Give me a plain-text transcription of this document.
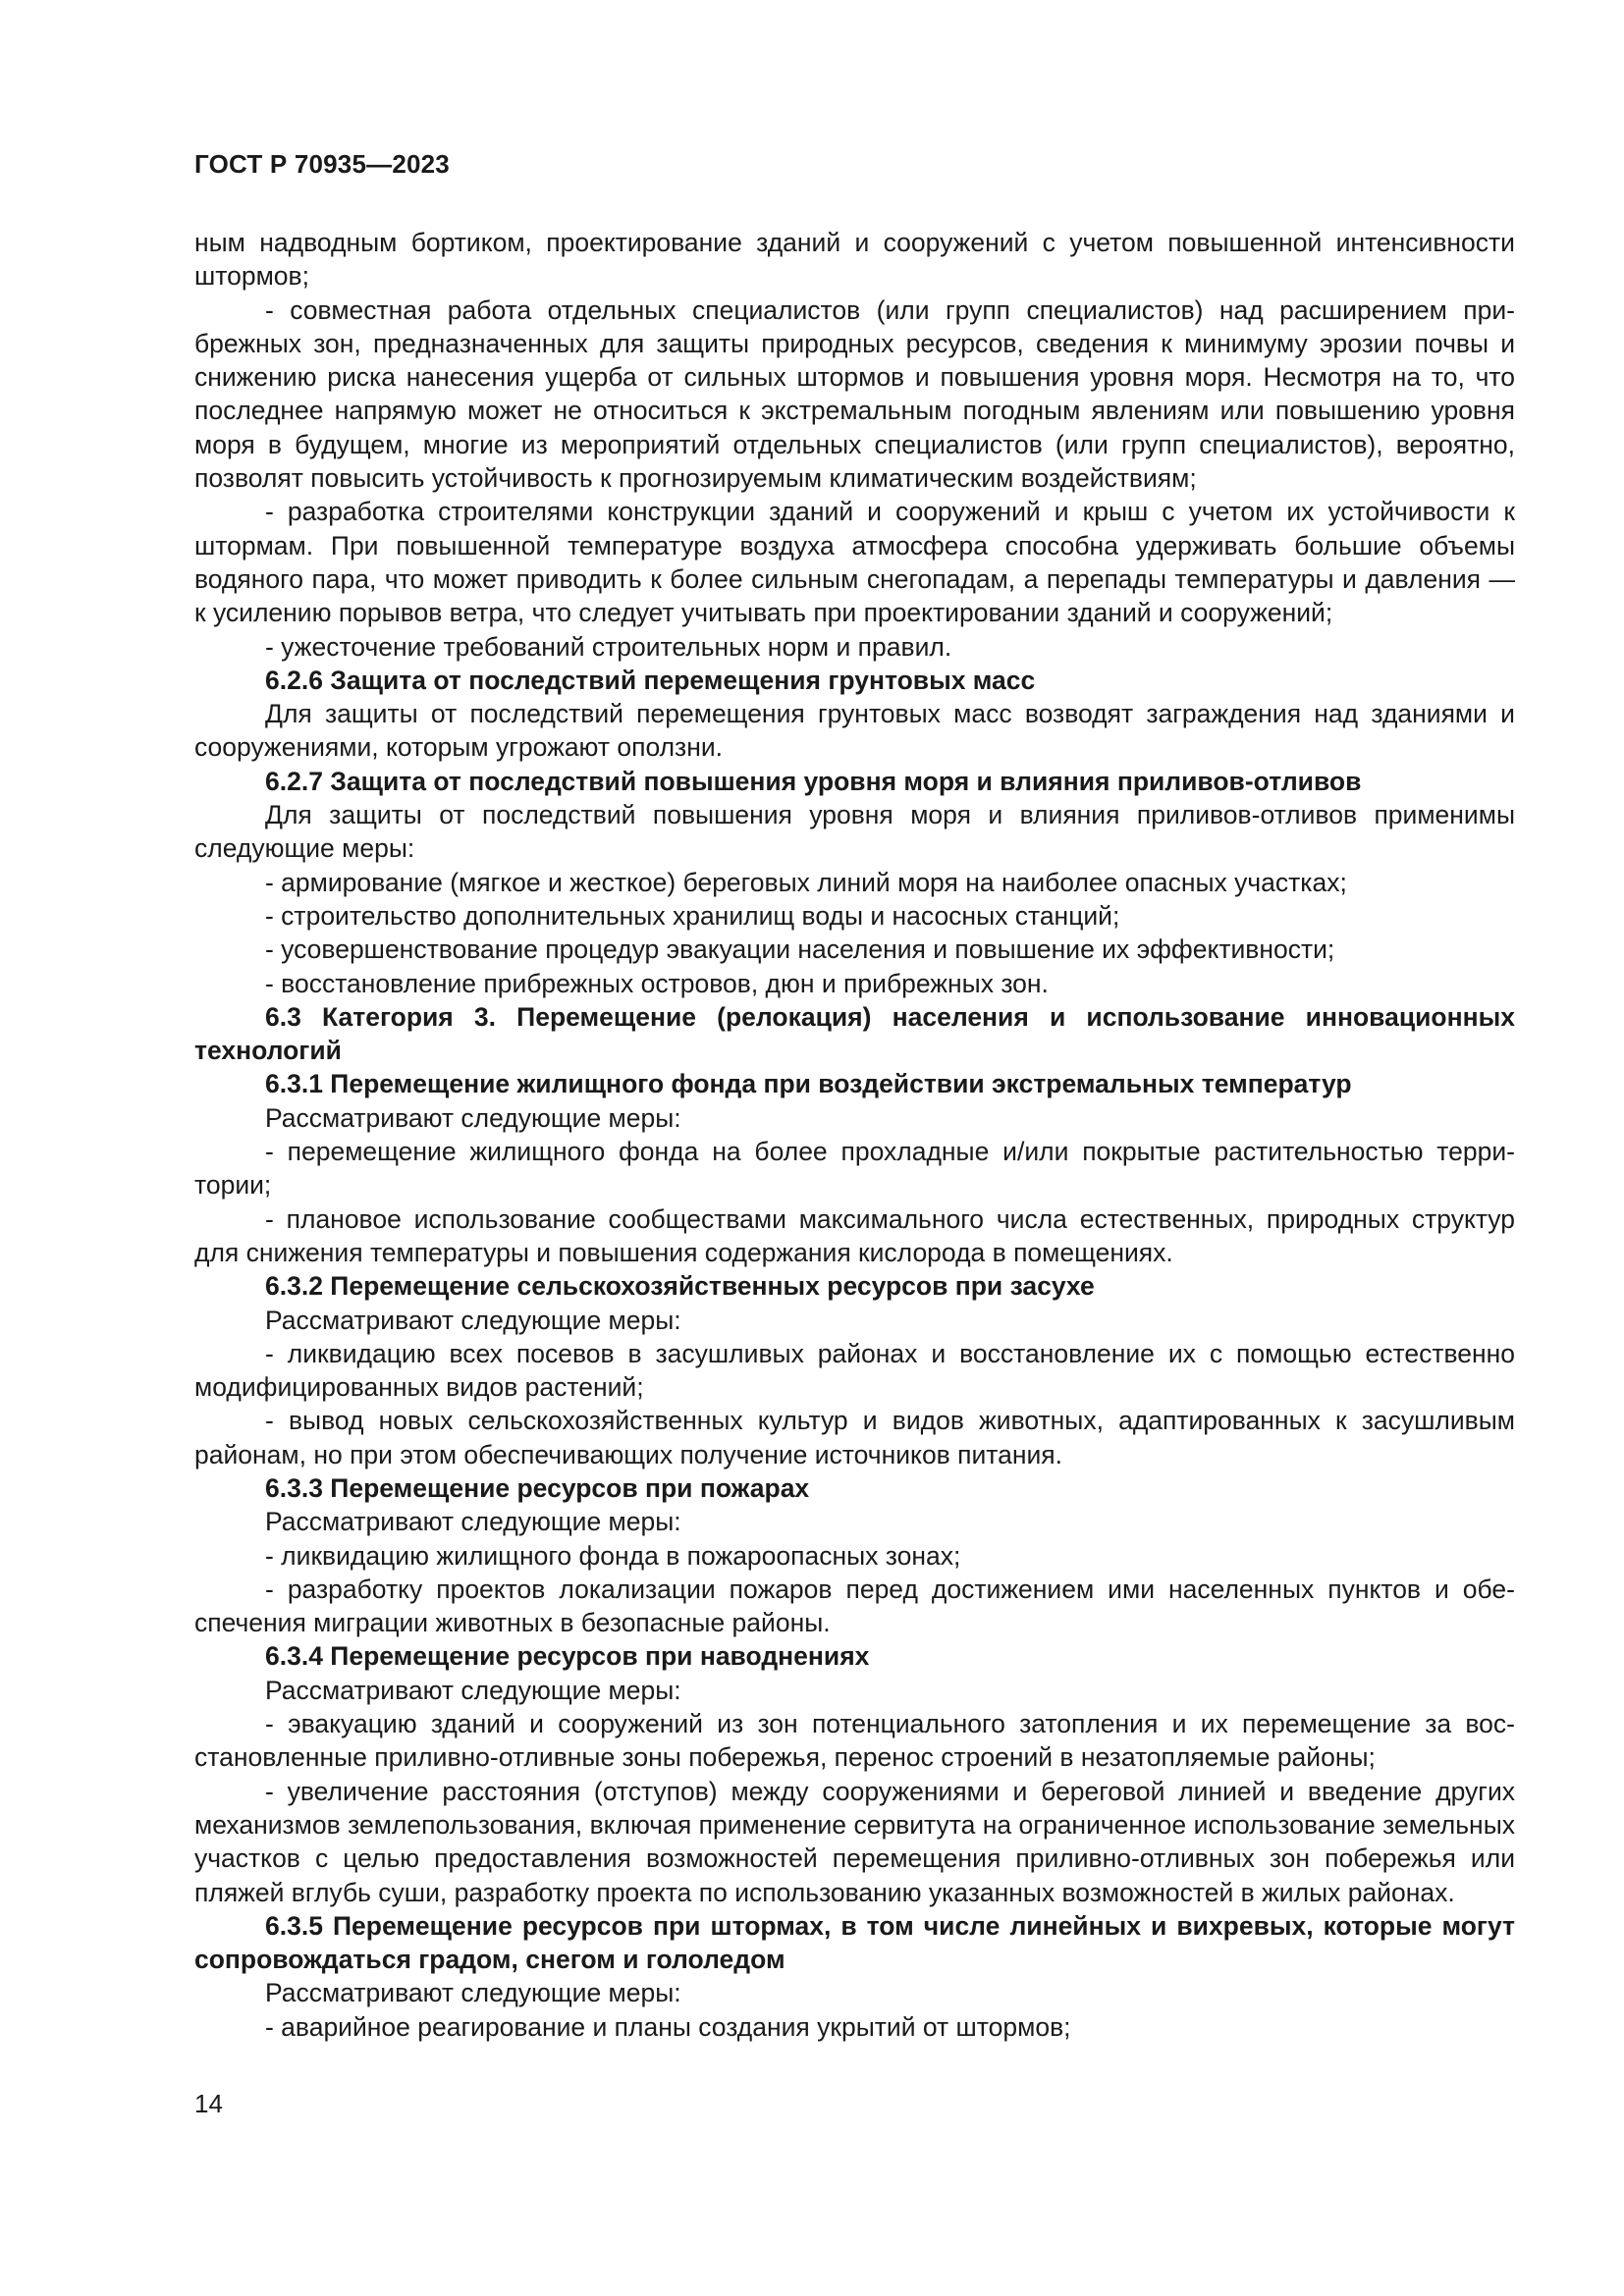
ГОСТ Р 70935—2023

ным надводным бортиком, проектирование зданий и сооружений с учетом повышенной интенсивности штормов;

- совместная работа отдельных специалистов (или групп специалистов) над расширением прибрежных зон, предназначенных для защиты природных ресурсов, сведения к минимуму эрозии почвы и снижению риска нанесения ущерба от сильных штормов и повышения уровня моря. Несмотря на то, что последнее напрямую может не относиться к экстремальным погодным явлениям или повышению уровня моря в будущем, многие из мероприятий отдельных специалистов (или групп специалистов), вероятно, позволят повысить устойчивость к прогнозируемым климатическим воздействиям;

- разработка строителями конструкции зданий и сооружений и крыш с учетом их устойчивости к штормам. При повышенной температуре воздуха атмосфера способна удерживать большие объемы водяного пара, что может приводить к более сильным снегопадам, а перепады температуры и давления — к усилению порывов ветра, что следует учитывать при проектировании зданий и сооружений;

- ужесточение требований строительных норм и правил.

6.2.6 Защита от последствий перемещения грунтовых масс

Для защиты от последствий перемещения грунтовых масс возводят заграждения над зданиями и сооружениями, которым угрожают оползни.

6.2.7 Защита от последствий повышения уровня моря и влияния приливов-отливов

Для защиты от последствий повышения уровня моря и влияния приливов-отливов применимы следующие меры:

- армирование (мягкое и жесткое) береговых линий моря на наиболее опасных участках;

- строительство дополнительных хранилищ воды и насосных станций;

- усовершенствование процедур эвакуации населения и повышение их эффективности;

- восстановление прибрежных островов, дюн и прибрежных зон.

6.3 Категория 3. Перемещение (релокация) населения и использование инновационных технологий

6.3.1 Перемещение жилищного фонда при воздействии экстремальных температур

Рассматривают следующие меры:

- перемещение жилищного фонда на более прохладные и/или покрытые растительностью территории;

- плановое использование сообществами максимального числа естественных, природных структур для снижения температуры и повышения содержания кислорода в помещениях.

6.3.2 Перемещение сельскохозяйственных ресурсов при засухе

Рассматривают следующие меры:

- ликвидацию всех посевов в засушливых районах и восстановление их с помощью естественно модифицированных видов растений;

- вывод новых сельскохозяйственных культур и видов животных, адаптированных к засушливым районам, но при этом обеспечивающих получение источников питания.

6.3.3 Перемещение ресурсов при пожарах

Рассматривают следующие меры:

- ликвидацию жилищного фонда в пожароопасных зонах;

- разработку проектов локализации пожаров перед достижением ими населенных пунктов и обеспечения миграции животных в безопасные районы.

6.3.4 Перемещение ресурсов при наводнениях

Рассматривают следующие меры:

- эвакуацию зданий и сооружений из зон потенциального затопления и их перемещение за восстановленные приливно-отливные зоны побережья, перенос строений в незатопляемые районы;

- увеличение расстояния (отступов) между сооружениями и береговой линией и введение других механизмов землепользования, включая применение сервитута на ограниченное использование земельных участков с целью предоставления возможностей перемещения приливно-отливных зон побережья или пляжей вглубь суши, разработку проекта по использованию указанных возможностей в жилых районах.

6.3.5 Перемещение ресурсов при штормах, в том числе линейных и вихревых, которые могут сопровождаться градом, снегом и гололедом

Рассматривают следующие меры:

- аварийное реагирование и планы создания укрытий от штормов;

14
